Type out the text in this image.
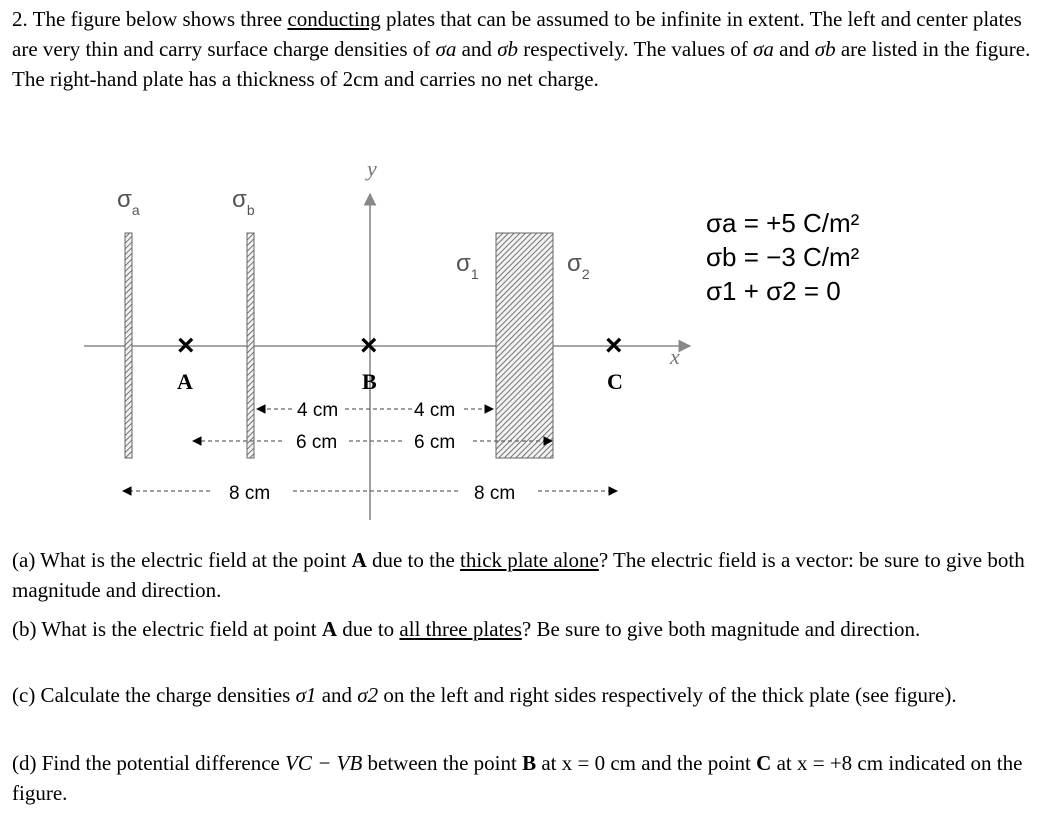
2. The figure below shows three conducting plates that can be assumed to be infinite in extent. The left and center plates are very thin and carry surface charge densities of σa and σb respectively. The values of σa and σb are listed in the figure. The right-hand plate has a thickness of 2cm and carries no net charge.

y
x
$\sigma_a$	$\sigma_b$
$\sigma_1$	$\sigma_2$
×	×	×
A	B	C
4 cm	4 cm
6 cm	6 cm
8 cm	8 cm
σa = +5 C/m²
σb = −3 C/m²
σ1 + σ2 = 0

(a) What is the electric field at the point A due to the thick plate alone? The electric field is a vector: be sure to give both magnitude and direction.

(b) What is the electric field at point A due to all three plates? Be sure to give both magnitude and direction.

(c) Calculate the charge densities σ1 and σ2 on the left and right sides respectively of the thick plate (see figure).

(d) Find the potential difference VC − VB between the point B at x = 0 cm and the point C at x = +8 cm indicated on the figure.
